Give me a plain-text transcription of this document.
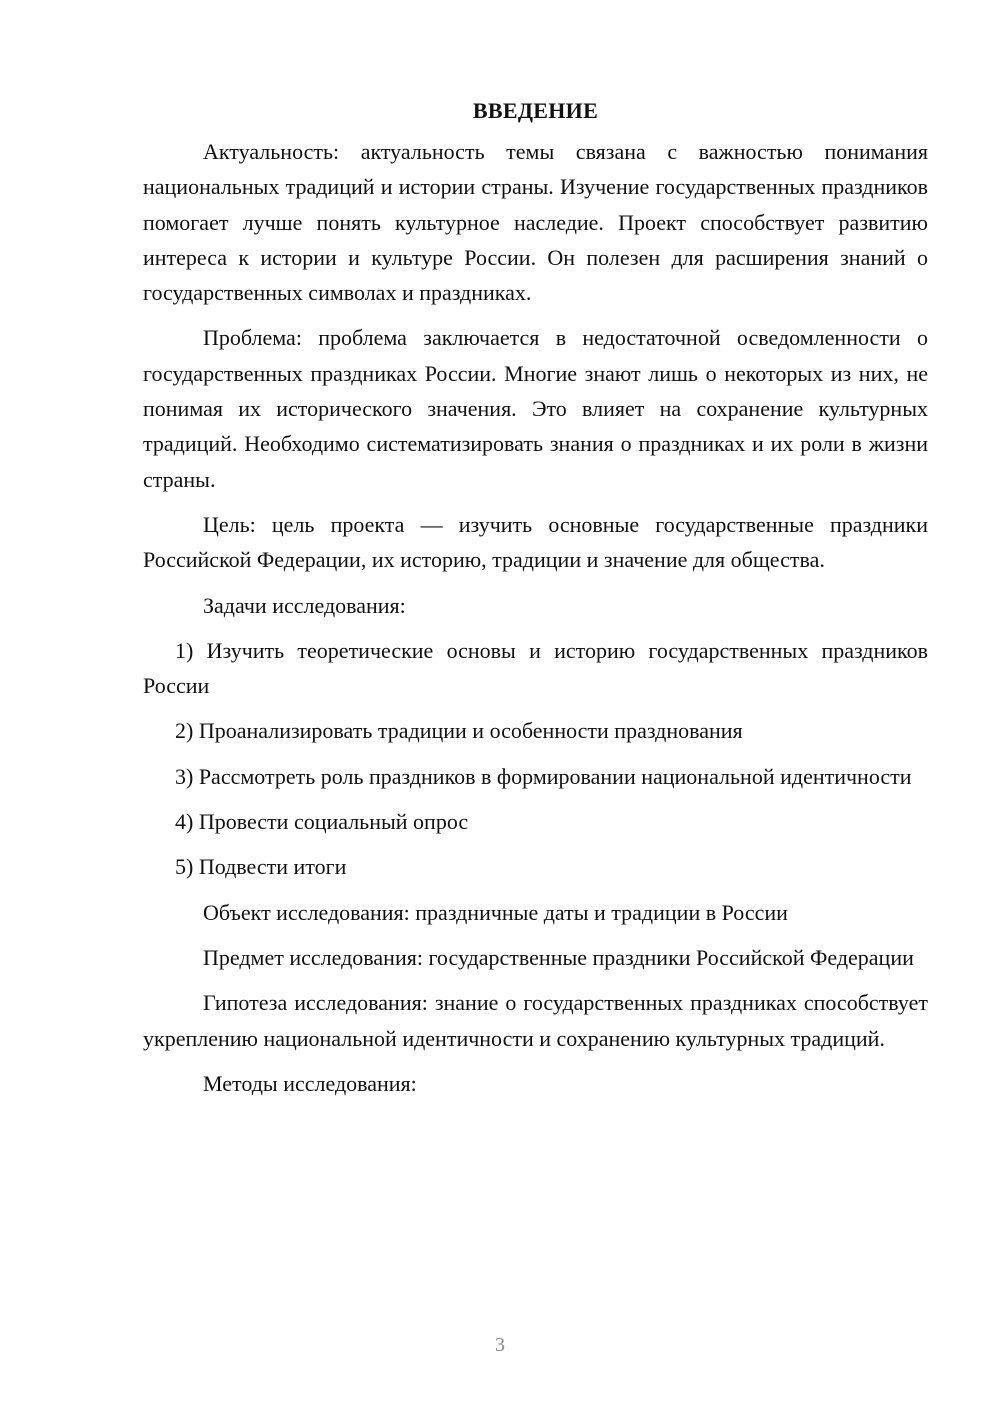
ВВЕДЕНИЕ

Актуальность: актуальность темы связана с важностью понимания национальных традиций и истории страны. Изучение государственных праздников помогает лучше понять культурное наследие. Проект способствует развитию интереса к истории и культуре России. Он полезен для расширения знаний о государственных символах и праздниках.

Проблема: проблема заключается в недостаточной осведомленности о государственных праздниках России. Многие знают лишь о некоторых из них, не понимая их исторического значения. Это влияет на сохранение культурных традиций. Необходимо систематизировать знания о праздниках и их роли в жизни страны.

Цель: цель проекта — изучить основные государственные праздники Российской Федерации, их историю, традиции и значение для общества.

Задачи исследования:

1) Изучить теоретические основы и историю государственных праздников России

2) Проанализировать традиции и особенности празднования

3) Рассмотреть роль праздников в формировании национальной идентичности

4) Провести социальный опрос

5) Подвести итоги

Объект исследования: праздничные даты и традиции в России

Предмет исследования: государственные праздники Российской Федерации

Гипотеза исследования: знание о государственных праздниках способствует укреплению национальной идентичности и сохранению культурных традиций.

Методы исследования:

3
